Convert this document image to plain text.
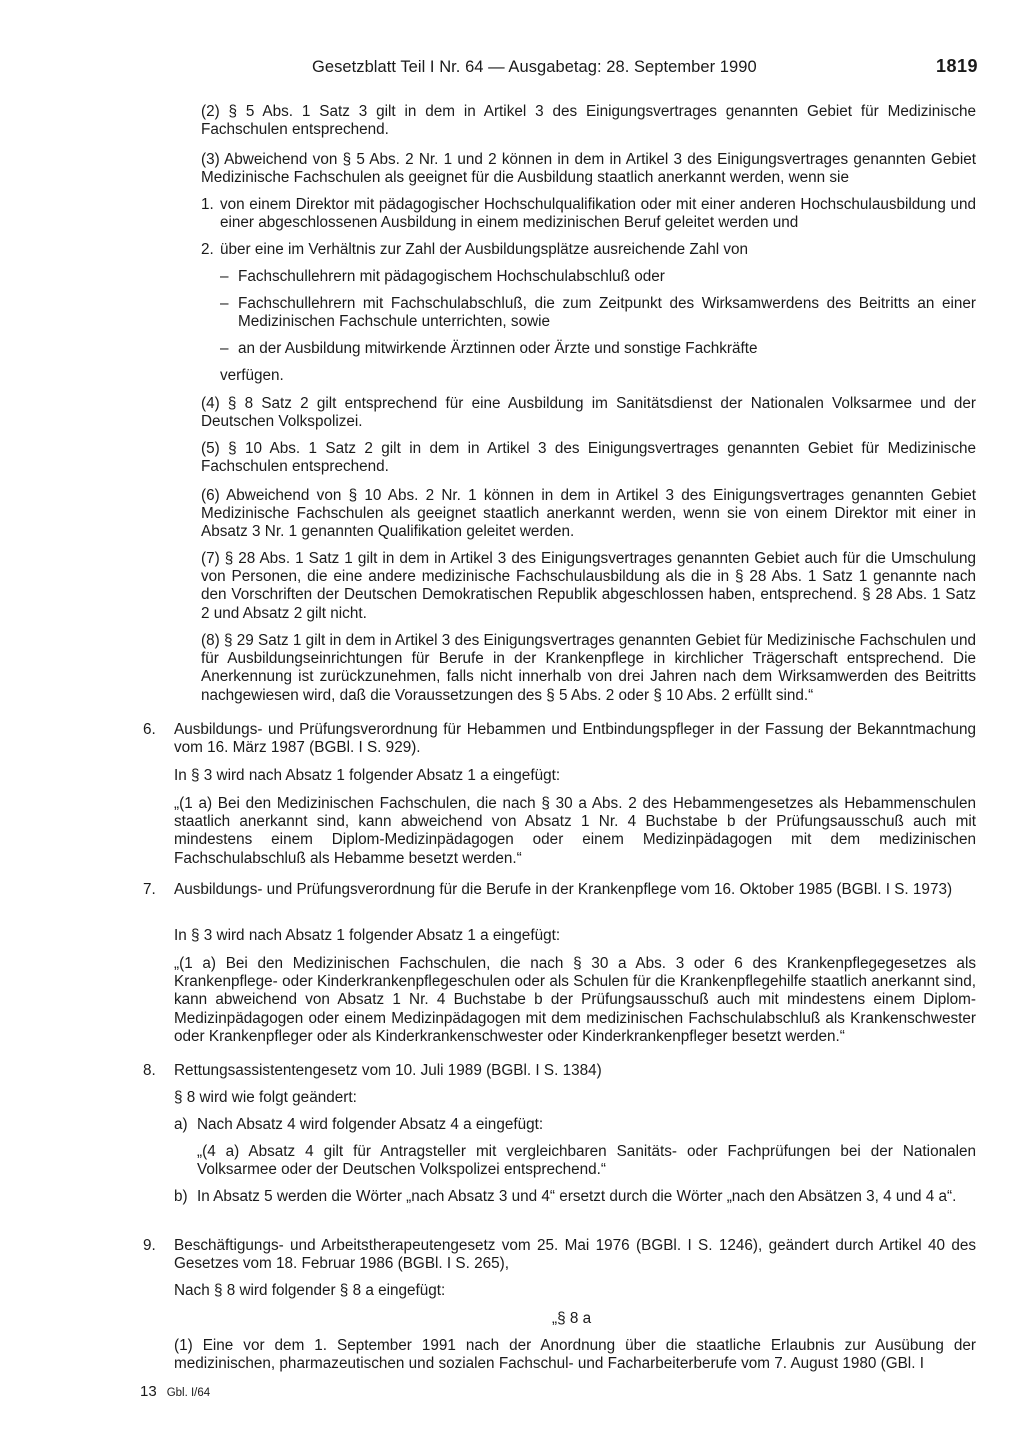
Gesetzblatt Teil I Nr. 64 — Ausgabetag: 28. September 1990	1819
(2) § 5 Abs. 1 Satz 3 gilt in dem in Artikel 3 des Einigungsvertrages genannten Gebiet für Medizinische Fachschulen entsprechend.
(3) Abweichend von § 5 Abs. 2 Nr. 1 und 2 können in dem in Artikel 3 des Einigungsvertrages genannten Gebiet Medizinische Fachschulen als geeignet für die Ausbildung staatlich anerkannt werden, wenn sie
1. von einem Direktor mit pädagogischer Hochschulqualifikation oder mit einer anderen Hochschulausbildung und einer abgeschlossenen Ausbildung in einem medizinischen Beruf geleitet werden und
2. über eine im Verhältnis zur Zahl der Ausbildungsplätze ausreichende Zahl von
– Fachschullehrern mit pädagogischem Hochschulabschluß oder
– Fachschullehrern mit Fachschulabschluß, die zum Zeitpunkt des Wirksamwerdens des Beitritts an einer Medizinischen Fachschule unterrichten, sowie
– an der Ausbildung mitwirkende Ärztinnen oder Ärzte und sonstige Fachkräfte
verfügen.
(4) § 8 Satz 2 gilt entsprechend für eine Ausbildung im Sanitätsdienst der Nationalen Volksarmee und der Deutschen Volkspolizei.
(5) § 10 Abs. 1 Satz 2 gilt in dem in Artikel 3 des Einigungsvertrages genannten Gebiet für Medizinische Fachschulen entsprechend.
(6) Abweichend von § 10 Abs. 2 Nr. 1 können in dem in Artikel 3 des Einigungsvertrages genannten Gebiet Medizinische Fachschulen als geeignet staatlich anerkannt werden, wenn sie von einem Direktor mit einer in Absatz 3 Nr. 1 genannten Qualifikation geleitet werden.
(7) § 28 Abs. 1 Satz 1 gilt in dem in Artikel 3 des Einigungsvertrages genannten Gebiet auch für die Umschulung von Personen, die eine andere medizinische Fachschulausbildung als die in § 28 Abs. 1 Satz 1 genannte nach den Vorschriften der Deutschen Demokratischen Republik abgeschlossen haben, entsprechend. § 28 Abs. 1 Satz 2 und Absatz 2 gilt nicht.
(8) § 29 Satz 1 gilt in dem in Artikel 3 des Einigungsvertrages genannten Gebiet für Medizinische Fachschulen und für Ausbildungseinrichtungen für Berufe in der Krankenpflege in kirchlicher Trägerschaft entsprechend. Die Anerkennung ist zurückzunehmen, falls nicht innerhalb von drei Jahren nach dem Wirksamwerden des Beitritts nachgewiesen wird, daß die Voraussetzungen des § 5 Abs. 2 oder § 10 Abs. 2 erfüllt sind.“
6. Ausbildungs- und Prüfungsverordnung für Hebammen und Entbindungspfleger in der Fassung der Bekanntmachung vom 16. März 1987 (BGBl. I S. 929).
In § 3 wird nach Absatz 1 folgender Absatz 1 a eingefügt:
„(1 a) Bei den Medizinischen Fachschulen, die nach § 30 a Abs. 2 des Hebammengesetzes als Hebammenschulen staatlich anerkannt sind, kann abweichend von Absatz 1 Nr. 4 Buchstabe b der Prüfungsausschuß auch mit mindestens einem Diplom-Medizinpädagogen oder einem Medizinpädagogen mit dem medizinischen Fachschulabschluß als Hebamme besetzt werden.“
7. Ausbildungs- und Prüfungsverordnung für die Berufe in der Krankenpflege vom 16. Oktober 1985 (BGBl. I S. 1973)
In § 3 wird nach Absatz 1 folgender Absatz 1 a eingefügt:
„(1 a) Bei den Medizinischen Fachschulen, die nach § 30 a Abs. 3 oder 6 des Krankenpflegegesetzes als Krankenpflege- oder Kinderkrankenpflegeschulen oder als Schulen für die Krankenpflegehilfe staatlich anerkannt sind, kann abweichend von Absatz 1 Nr. 4 Buchstabe b der Prüfungsausschuß auch mit mindestens einem Diplom-Medizinpädagogen oder einem Medizinpädagogen mit dem medizinischen Fachschulabschluß als Krankenschwester oder Krankenpfleger oder als Kinderkrankenschwester oder Kinderkrankenpfleger besetzt werden.“
8. Rettungsassistentengesetz vom 10. Juli 1989 (BGBl. I S. 1384)
§ 8 wird wie folgt geändert:
a) Nach Absatz 4 wird folgender Absatz 4 a eingefügt:
„(4 a) Absatz 4 gilt für Antragsteller mit vergleichbaren Sanitäts- oder Fachprüfungen bei der Nationalen Volksarmee oder der Deutschen Volkspolizei entsprechend.“
b) In Absatz 5 werden die Wörter „nach Absatz 3 und 4“ ersetzt durch die Wörter „nach den Absätzen 3, 4 und 4 a“.
9. Beschäftigungs- und Arbeitstherapeutengesetz vom 25. Mai 1976 (BGBl. I S. 1246), geändert durch Artikel 40 des Gesetzes vom 18. Februar 1986 (BGBl. I S. 265),
Nach § 8 wird folgender § 8 a eingefügt:
„§ 8 a
(1) Eine vor dem 1. September 1991 nach der Anordnung über die staatliche Erlaubnis zur Ausübung der medizinischen, pharmazeutischen und sozialen Fachschul- und Facharbeiterberufe vom 7. August 1980 (GBl. I
13 Gbl. I/64
